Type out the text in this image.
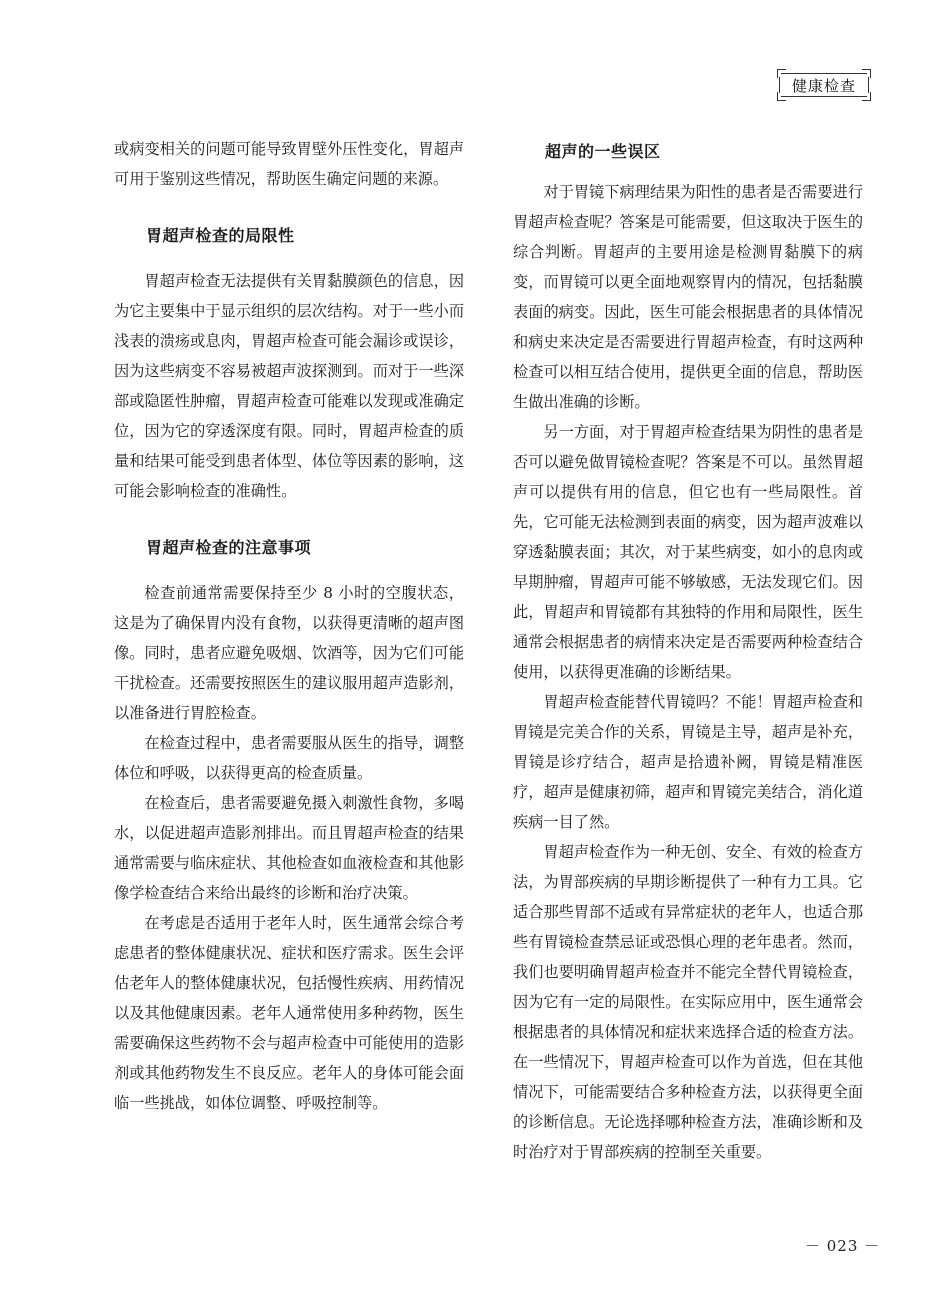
健康检查

或病变相关的问题可能导致胃壁外压性变化，胃超声可用于鉴别这些情况，帮助医生确定问题的来源。

胃超声检查的局限性

胃超声检查无法提供有关胃黏膜颜色的信息，因为它主要集中于显示组织的层次结构。对于一些小而浅表的溃疡或息肉，胃超声检查可能会漏诊或误诊，因为这些病变不容易被超声波探测到。而对于一些深部或隐匿性肿瘤，胃超声检查可能难以发现或准确定位，因为它的穿透深度有限。同时，胃超声检查的质量和结果可能受到患者体型、体位等因素的影响，这可能会影响检查的准确性。

胃超声检查的注意事项

检查前通常需要保持至少 8 小时的空腹状态，这是为了确保胃内没有食物，以获得更清晰的超声图像。同时，患者应避免吸烟、饮酒等，因为它们可能干扰检查。还需要按照医生的建议服用超声造影剂，以准备进行胃腔检查。

在检查过程中，患者需要服从医生的指导，调整体位和呼吸，以获得更高的检查质量。

在检查后，患者需要避免摄入刺激性食物，多喝水，以促进超声造影剂排出。而且胃超声检查的结果通常需要与临床症状、其他检查如血液检查和其他影像学检查结合来给出最终的诊断和治疗决策。

在考虑是否适用于老年人时，医生通常会综合考虑患者的整体健康状况、症状和医疗需求。医生会评估老年人的整体健康状况，包括慢性疾病、用药情况以及其他健康因素。老年人通常使用多种药物，医生需要确保这些药物不会与超声检查中可能使用的造影剂或其他药物发生不良反应。老年人的身体可能会面临一些挑战，如体位调整、呼吸控制等。

超声的一些误区

对于胃镜下病理结果为阳性的患者是否需要进行胃超声检查呢？答案是可能需要，但这取决于医生的综合判断。胃超声的主要用途是检测胃黏膜下的病变，而胃镜可以更全面地观察胃内的情况，包括黏膜表面的病变。因此，医生可能会根据患者的具体情况和病史来决定是否需要进行胃超声检查，有时这两种检查可以相互结合使用，提供更全面的信息，帮助医生做出准确的诊断。

另一方面，对于胃超声检查结果为阴性的患者是否可以避免做胃镜检查呢？答案是不可以。虽然胃超声可以提供有用的信息，但它也有一些局限性。首先，它可能无法检测到表面的病变，因为超声波难以穿透黏膜表面；其次，对于某些病变，如小的息肉或早期肿瘤，胃超声可能不够敏感，无法发现它们。因此，胃超声和胃镜都有其独特的作用和局限性，医生通常会根据患者的病情来决定是否需要两种检查结合使用，以获得更准确的诊断结果。

胃超声检查能替代胃镜吗？不能！胃超声检查和胃镜是完美合作的关系，胃镜是主导，超声是补充，胃镜是诊疗结合，超声是拾遗补阙，胃镜是精准医疗，超声是健康初筛，超声和胃镜完美结合，消化道疾病一目了然。

胃超声检查作为一种无创、安全、有效的检查方法，为胃部疾病的早期诊断提供了一种有力工具。它适合那些胃部不适或有异常症状的老年人，也适合那些有胃镜检查禁忌证或恐惧心理的老年患者。然而，我们也要明确胃超声检查并不能完全替代胃镜检查，因为它有一定的局限性。在实际应用中，医生通常会根据患者的具体情况和症状来选择合适的检查方法。在一些情况下，胃超声检查可以作为首选，但在其他情况下，可能需要结合多种检查方法，以获得更全面的诊断信息。无论选择哪种检查方法，准确诊断和及时治疗对于胃部疾病的控制至关重要。

－ 023 －
